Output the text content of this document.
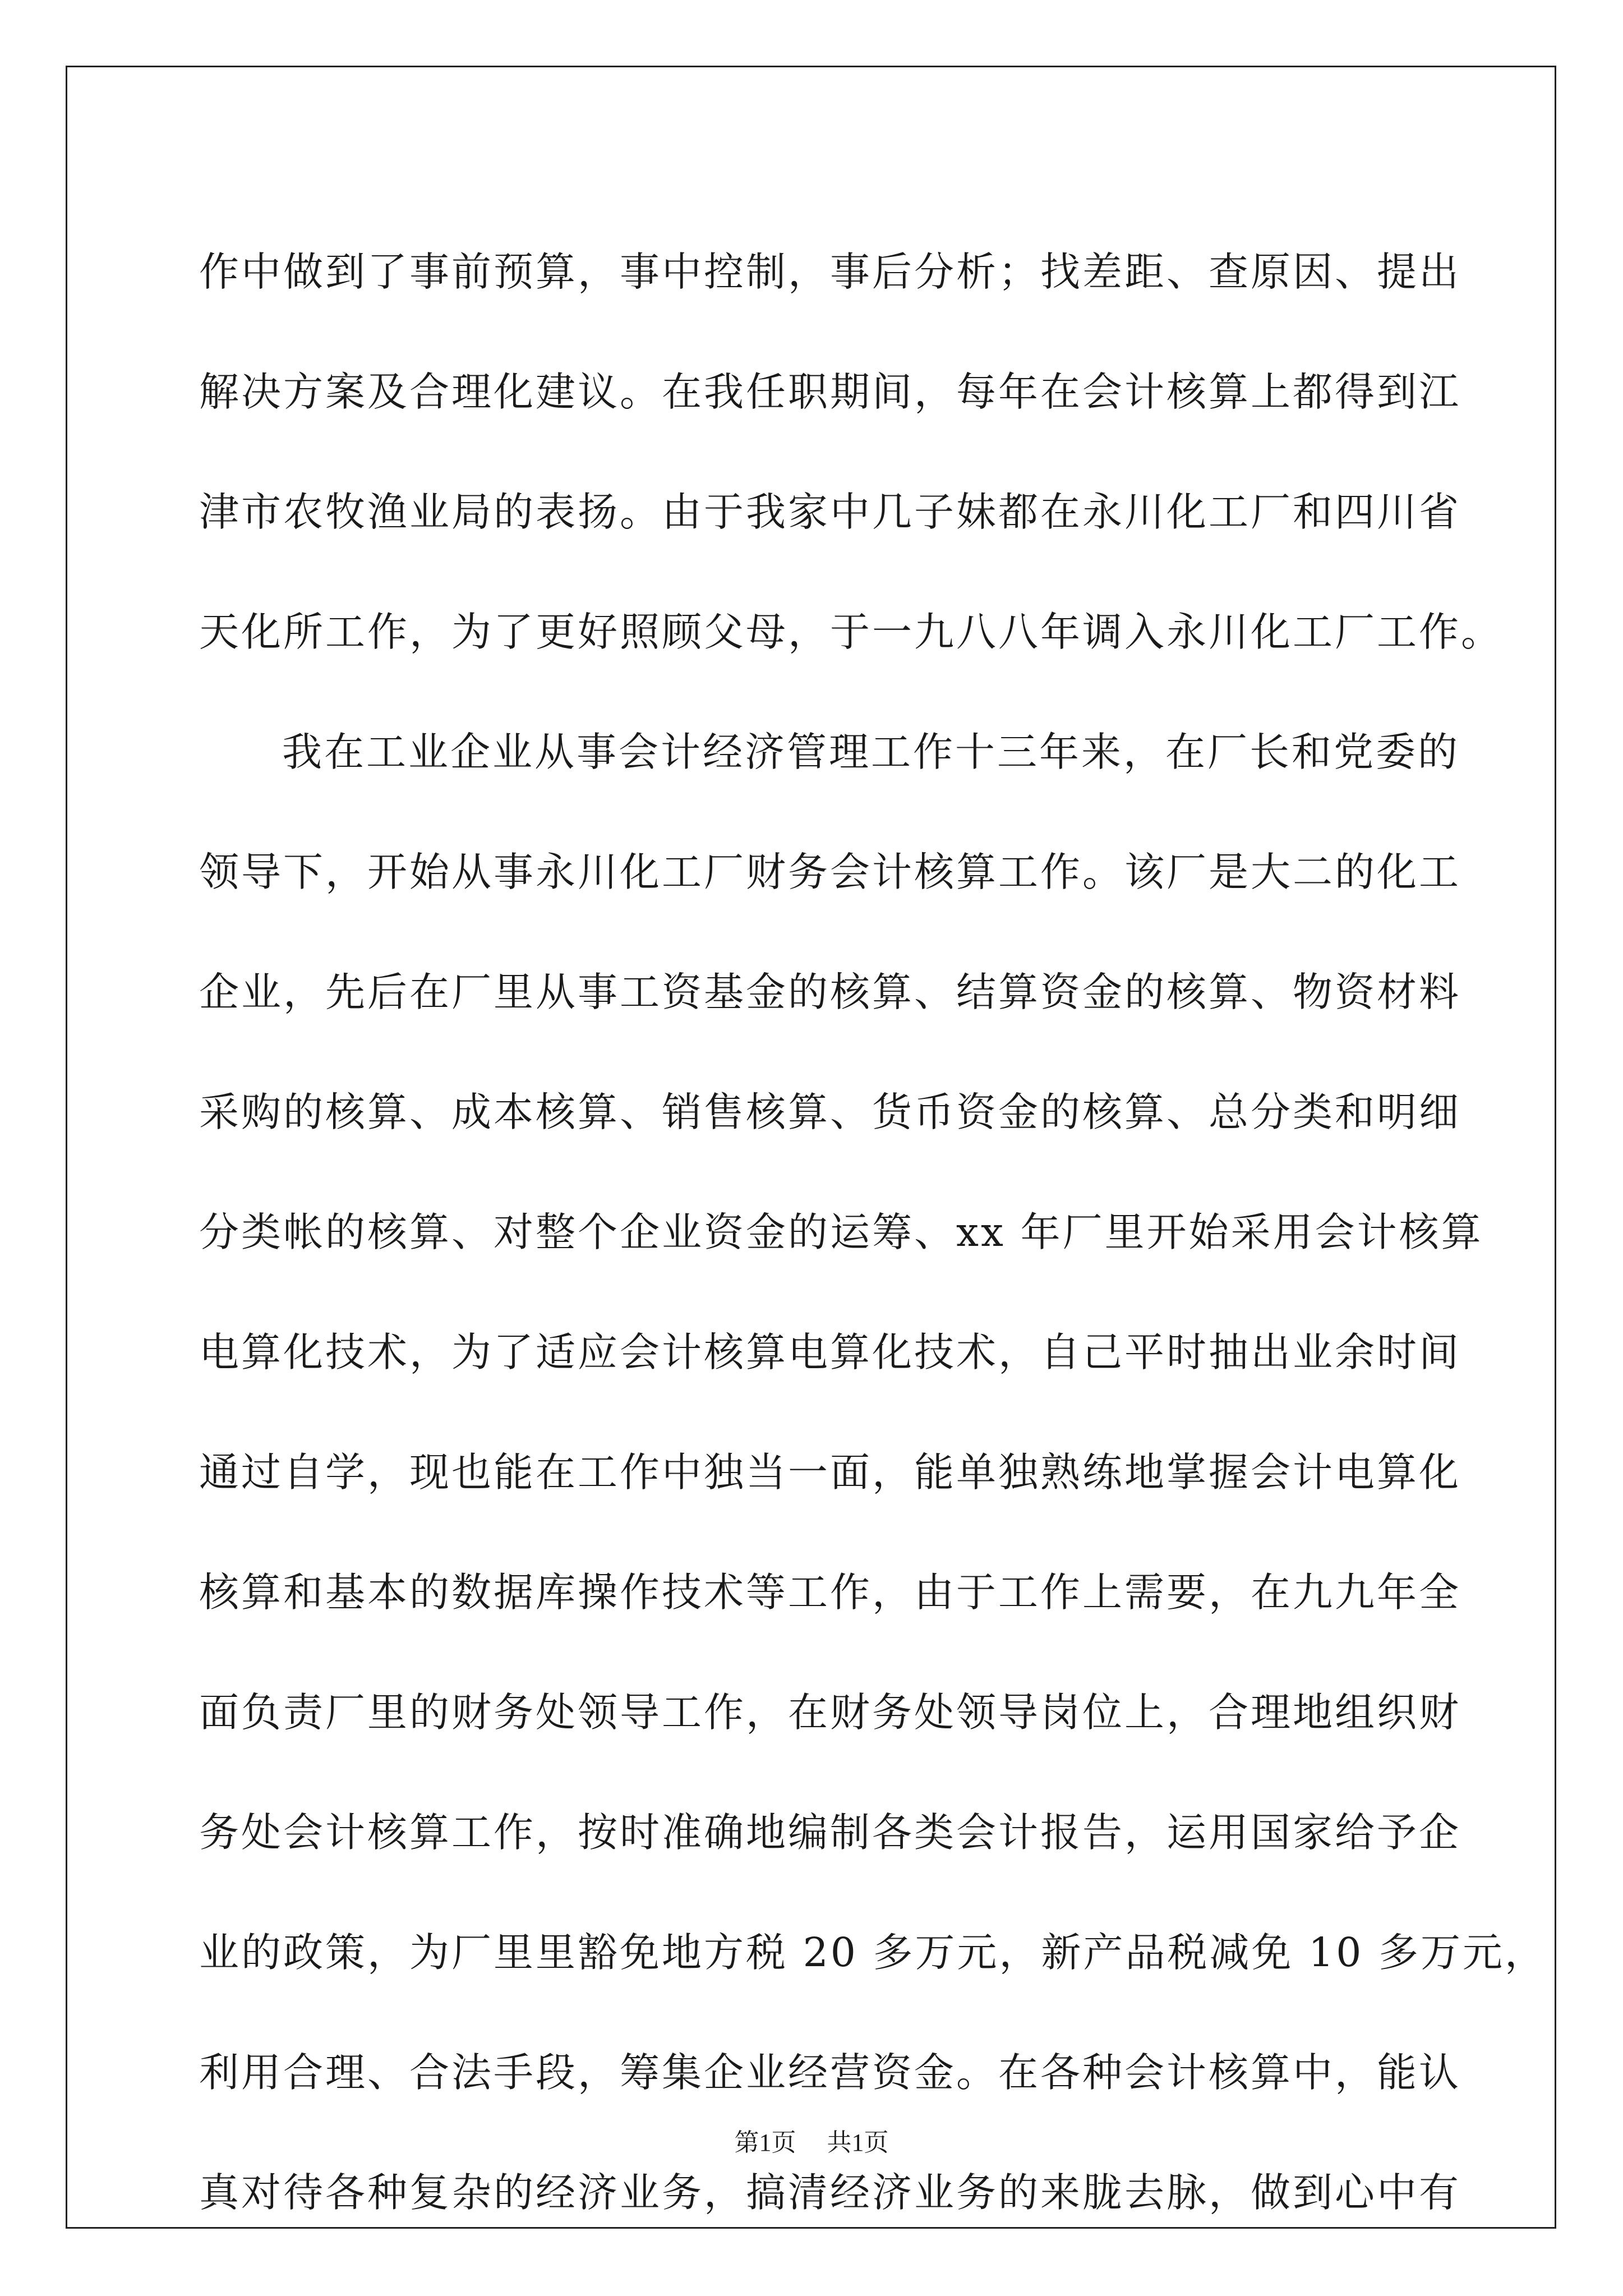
作中做到了事前预算，事中控制，事后分析；找差距、查原因、提出
解决方案及合理化建议。在我任职期间，每年在会计核算上都得到江
津市农牧渔业局的表扬。由于我家中几子妹都在永川化工厂和四川省
天化所工作，为了更好照顾父母，于一九八八年调入永川化工厂工作。
我在工业企业从事会计经济管理工作十三年来，在厂长和党委的
领导下，开始从事永川化工厂财务会计核算工作。该厂是大二的化工
企业，先后在厂里从事工资基金的核算、结算资金的核算、物资材料
采购的核算、成本核算、销售核算、货币资金的核算、总分类和明细
分类帐的核算、对整个企业资金的运筹、xx 年厂里开始采用会计核算
电算化技术，为了适应会计核算电算化技术，自己平时抽出业余时间
通过自学，现也能在工作中独当一面，能单独熟练地掌握会计电算化
核算和基本的数据库操作技术等工作，由于工作上需要，在九九年全
面负责厂里的财务处领导工作，在财务处领导岗位上，合理地组织财
务处会计核算工作，按时准确地编制各类会计报告，运用国家给予企
业的政策，为厂里里豁免地方税 20 多万元，新产品税减免 10 多万元，
利用合理、合法手段，筹集企业经营资金。在各种会计核算中，能认
真对待各种复杂的经济业务，搞清经济业务的来胧去脉，做到心中有
第1页 共1页
